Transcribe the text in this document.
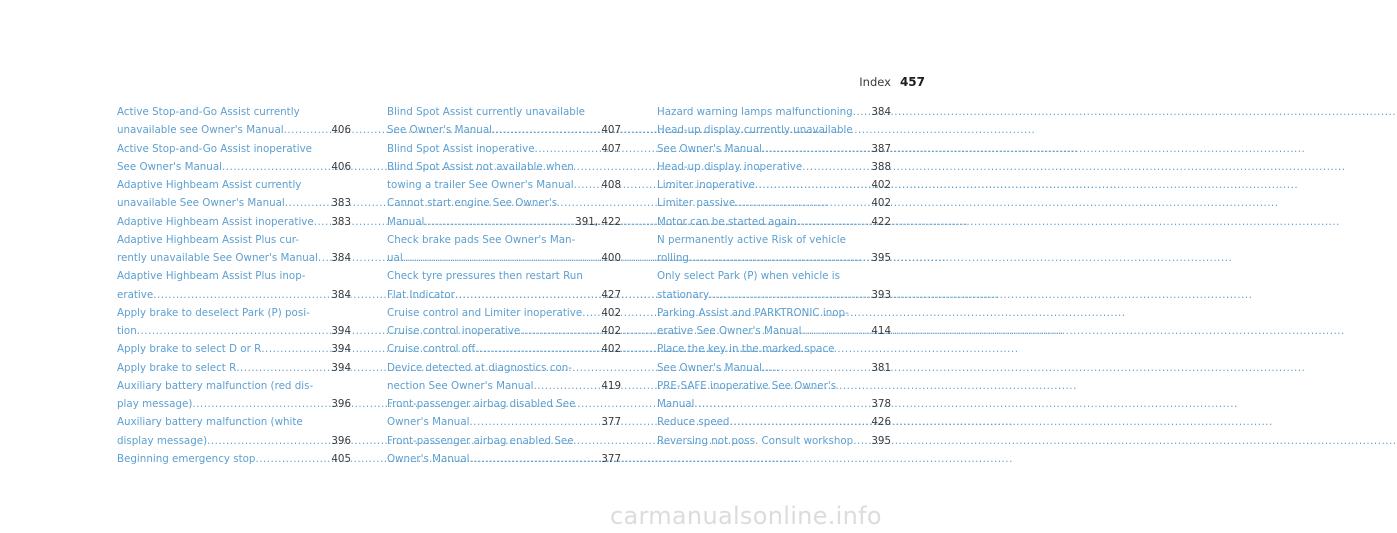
Index 457
Active Stop-and-Go Assist currently
unavailable see Owner's Manual .....	406
Active Stop-and-Go Assist inoperative
See Owner's Manual .....	406
Adaptive Highbeam Assist currently
unavailable See Owner's Manual .....	383
Adaptive Highbeam Assist inoperative .....	383
Adaptive Highbeam Assist Plus cur-
rently unavailable See Owner's Manual .....	384
Adaptive Highbeam Assist Plus inop-
erative .....	384
Apply brake to deselect Park (P) posi-
tion .....	394
Apply brake to select D or R .....	394
Apply brake to select R .....	394
Auxiliary battery malfunction (red dis-
play message) .....	396
Auxiliary battery malfunction (white
display message) .....	396
Beginning emergency stop .....	405
Blind Spot Assist currently unavailable
See Owner's Manual .....	407
Blind Spot Assist inoperative .....	407
Blind Spot Assist not available when
towing a trailer See Owner's Manual .....	408
Cannot start engine See Owner's
Manual .....	391, 422
Check brake pads See Owner's Man-
ual .....	400
Check tyre pressures then restart Run
Flat Indicator .....	427
Cruise control and Limiter inoperative .....	402
Cruise control inoperative .....	402
Cruise control off .....	402
Device detected at diagnostics con-
nection See Owner's Manual .....	419
Front-passenger airbag disabled See
Owner's Manual .....	377
Front-passenger airbag enabled See
Owner's Manual .....	377
Hazard warning lamps malfunctioning .....	384
Head-up display currently unavailable
See Owner's Manual .....	387
Head-up display inoperative .....	388
Limiter inoperative .....	402
Limiter passive .....	402
Motor can be started again .....	422
N permanently active Risk of vehicle
rolling .....	395
Only select Park (P) when vehicle is
stationary .....	393
Parking Assist and PARKTRONIC inop-
erative See Owner's Manual .....	414
Place the key in the marked space
See Owner's Manual .....	381
PRE-SAFE inoperative See Owner's
Manual .....	378
Reduce speed .....	426
Reversing not poss. Consult workshop .....	395
carmanualsonline.info
